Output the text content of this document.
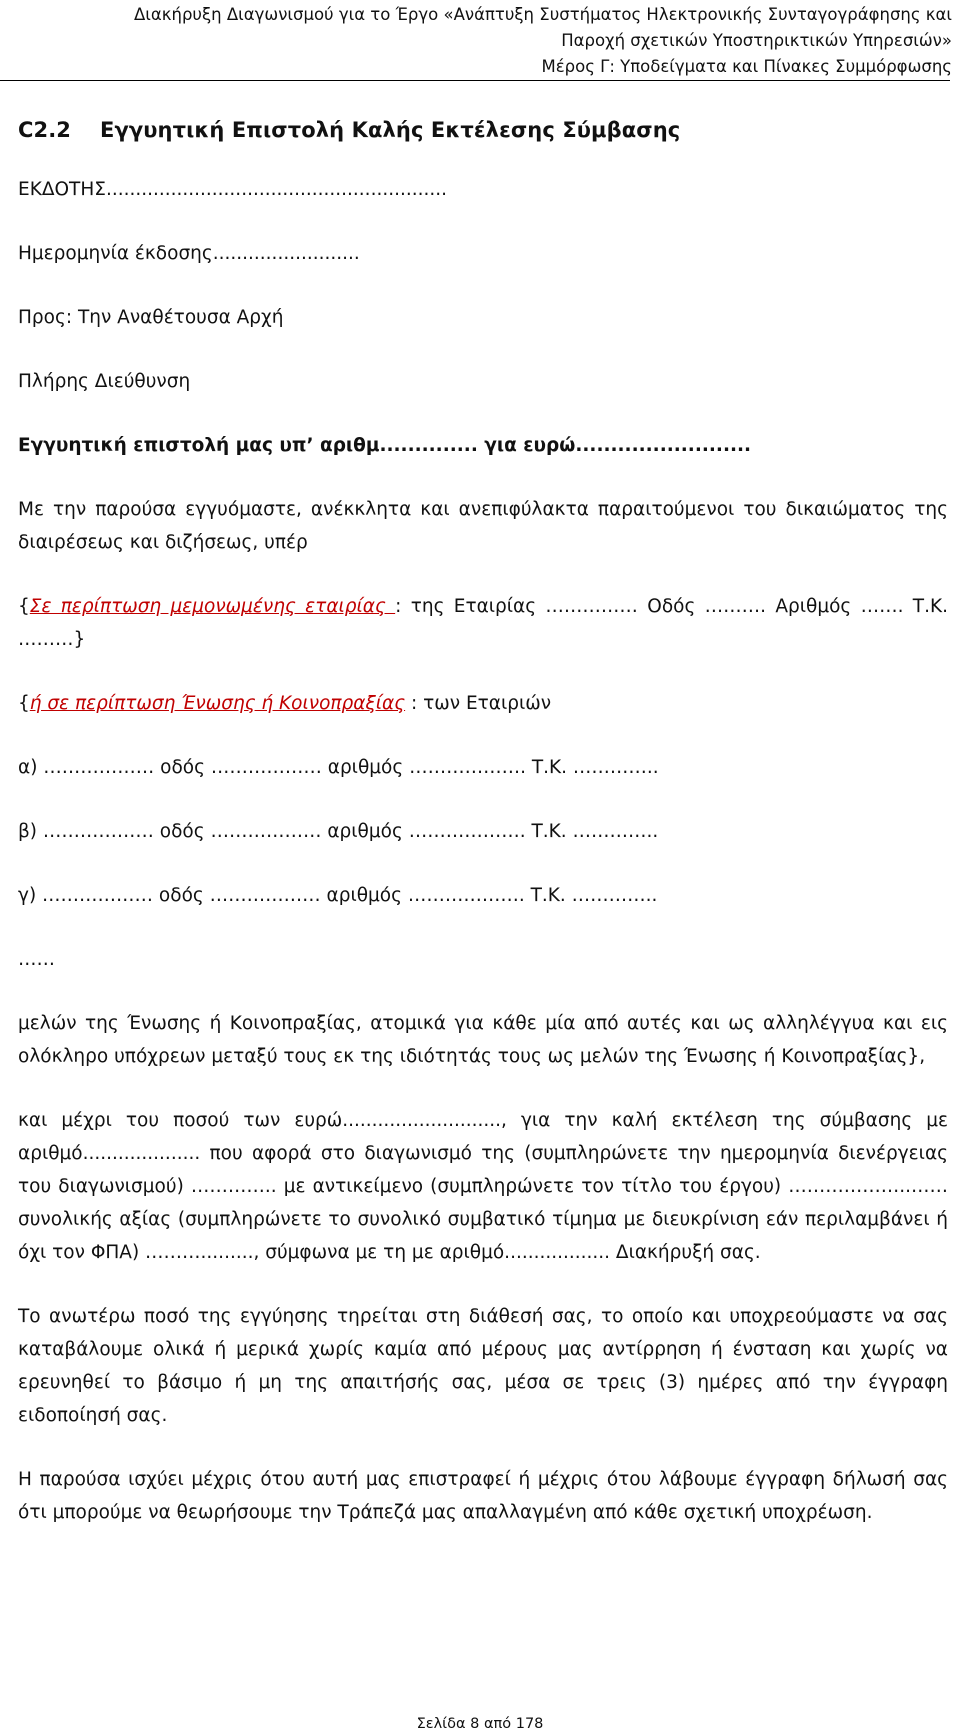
Διακήρυξη Διαγωνισμού για το Έργο «Ανάπτυξη Συστήματος Ηλεκτρονικής Συνταγογράφησης και
Παροχή σχετικών Υποστηρικτικών Υπηρεσιών»
Μέρος Γ: Υποδείγματα και Πίνακες Συμμόρφωσης
C2.2 Εγγυητική Επιστολή Καλής Εκτέλεσης Σύμβασης

ΕΚΔΟΤΗΣ..........................................................

Ημερομηνία έκδοσης.........................

Προς: Την Αναθέτουσα Αρχή

Πλήρης Διεύθυνση

Εγγυητική επιστολή μας υπ’ αριθμ.............. για ευρώ.........................

Με την παρούσα εγγυόμαστε, ανέκκλητα και ανεπιφύλακτα παραιτούμενοι του δικαιώματος της διαιρέσεως και διζήσεως, υπέρ

{Σε περίπτωση μεμονωμένης εταιρίας : της Εταιρίας …………… Οδός ………. Αριθμός ……. Τ.Κ. ………}

{ή σε περίπτωση Ένωσης ή Κοινοπραξίας : των Εταιριών

α) ……………… οδός ……………… αριθμός ………………. Τ.Κ. …………..

β) ……………… οδός ……………… αριθμός ………………. Τ.Κ. …………..

γ) ……………… οδός ……………… αριθμός ………………. Τ.Κ. …………..

……

μελών της Ένωσης ή Κοινοπραξίας, ατομικά για κάθε μία από αυτές και ως αλληλέγγυα και εις ολόκληρο υπόχρεων μεταξύ τους εκ της ιδιότητάς τους ως μελών της Ένωσης ή Κοινοπραξίας},

και μέχρι του ποσού των ευρώ..........................., για την καλή εκτέλεση της σύμβασης με αριθμό.................... που αφορά στο διαγωνισμό της (συμπληρώνετε την ημερομηνία διενέργειας του διαγωνισμού) ………….. με αντικείμενο (συμπληρώνετε τον τίτλο του έργου) ………………..…… συνολικής αξίας (συμπληρώνετε το συνολικό συμβατικό τίμημα με διευκρίνιση εάν περιλαμβάνει ή όχι τον ΦΠΑ) ………........., σύμφωνα με τη με αριθμό.................. Διακήρυξή σας.

Το ανωτέρω ποσό της εγγύησης τηρείται στη διάθεσή σας, το οποίο και υποχρεούμαστε να σας καταβάλουμε ολικά ή μερικά χωρίς καμία από μέρους μας αντίρρηση ή ένσταση και χωρίς να ερευνηθεί το βάσιμο ή μη της απαιτήσής σας, μέσα σε τρεις (3) ημέρες από την έγγραφη ειδοποίησή σας.

Η παρούσα ισχύει μέχρις ότου αυτή μας επιστραφεί ή μέχρις ότου λάβουμε έγγραφη δήλωσή σας ότι μπορούμε να θεωρήσουμε την Τράπεζά μας απαλλαγμένη από κάθε σχετική υποχρέωση.

Σελίδα 8 από 178
